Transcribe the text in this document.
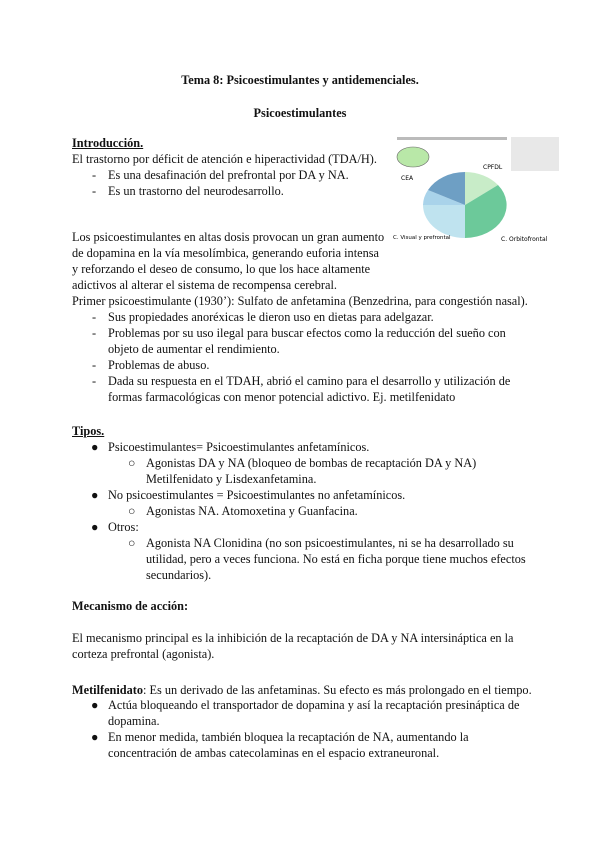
Tema 8: Psicoestimulantes y antidemenciales.
Psicoestimulantes
Introducción.
El trastorno por déficit de atención e hiperactividad (TDA/H).
- Es una desafinación del prefrontal por DA y NA.
- Es un trastorno del neurodesarrollo.
Los psicoestimulantes en altas dosis provocan un gran aumento
de dopamina en la vía mesolímbica, generando euforia intensa
y reforzando el deseo de consumo, lo que los hace altamente
adictivos al alterar el sistema de recompensa cerebral.
Primer psicoestimulante (1930’): Sulfato de anfetamina (Benzedrina, para congestión nasal).
- Sus propiedades anoréxicas le dieron uso en dietas para adelgazar.
- Problemas por su uso ilegal para buscar efectos como la reducción del sueño con
objeto de aumentar el rendimiento.
- Problemas de abuso.
- Dada su respuesta en el TDAH, abrió el camino para el desarrollo y utilización de
formas farmacológicas con menor potencial adictivo. Ej. metilfenidato
CPFDL
CEA
C. Visual y prefrontal	C. Orbitofrontal
Tipos.
● Psicoestimulantes= Psicoestimulantes anfetamínicos.
○ Agonistas DA y NA (bloqueo de bombas de recaptación DA y NA)
Metilfenidato y Lisdexanfetamina.
● No psicoestimulantes = Psicoestimulantes no anfetamínicos.
○ Agonistas NA. Atomoxetina y Guanfacina.
● Otros:
○ Agonista NA Clonidina (no son psicoestimulantes, ni se ha desarrollado su
utilidad, pero a veces funciona. No está en ficha porque tiene muchos efectos
secundarios).
Mecanismo de acción:
El mecanismo principal es la inhibición de la recaptación de DA y NA intersináptica en la
corteza prefrontal (agonista).
Metilfenidato: Es un derivado de las anfetaminas. Su efecto es más prolongado en el tiempo.
● Actúa bloqueando el transportador de dopamina y así la recaptación presináptica de
dopamina.
● En menor medida, también bloquea la recaptación de NA, aumentando la
concentración de ambas catecolaminas en el espacio extraneuronal.
